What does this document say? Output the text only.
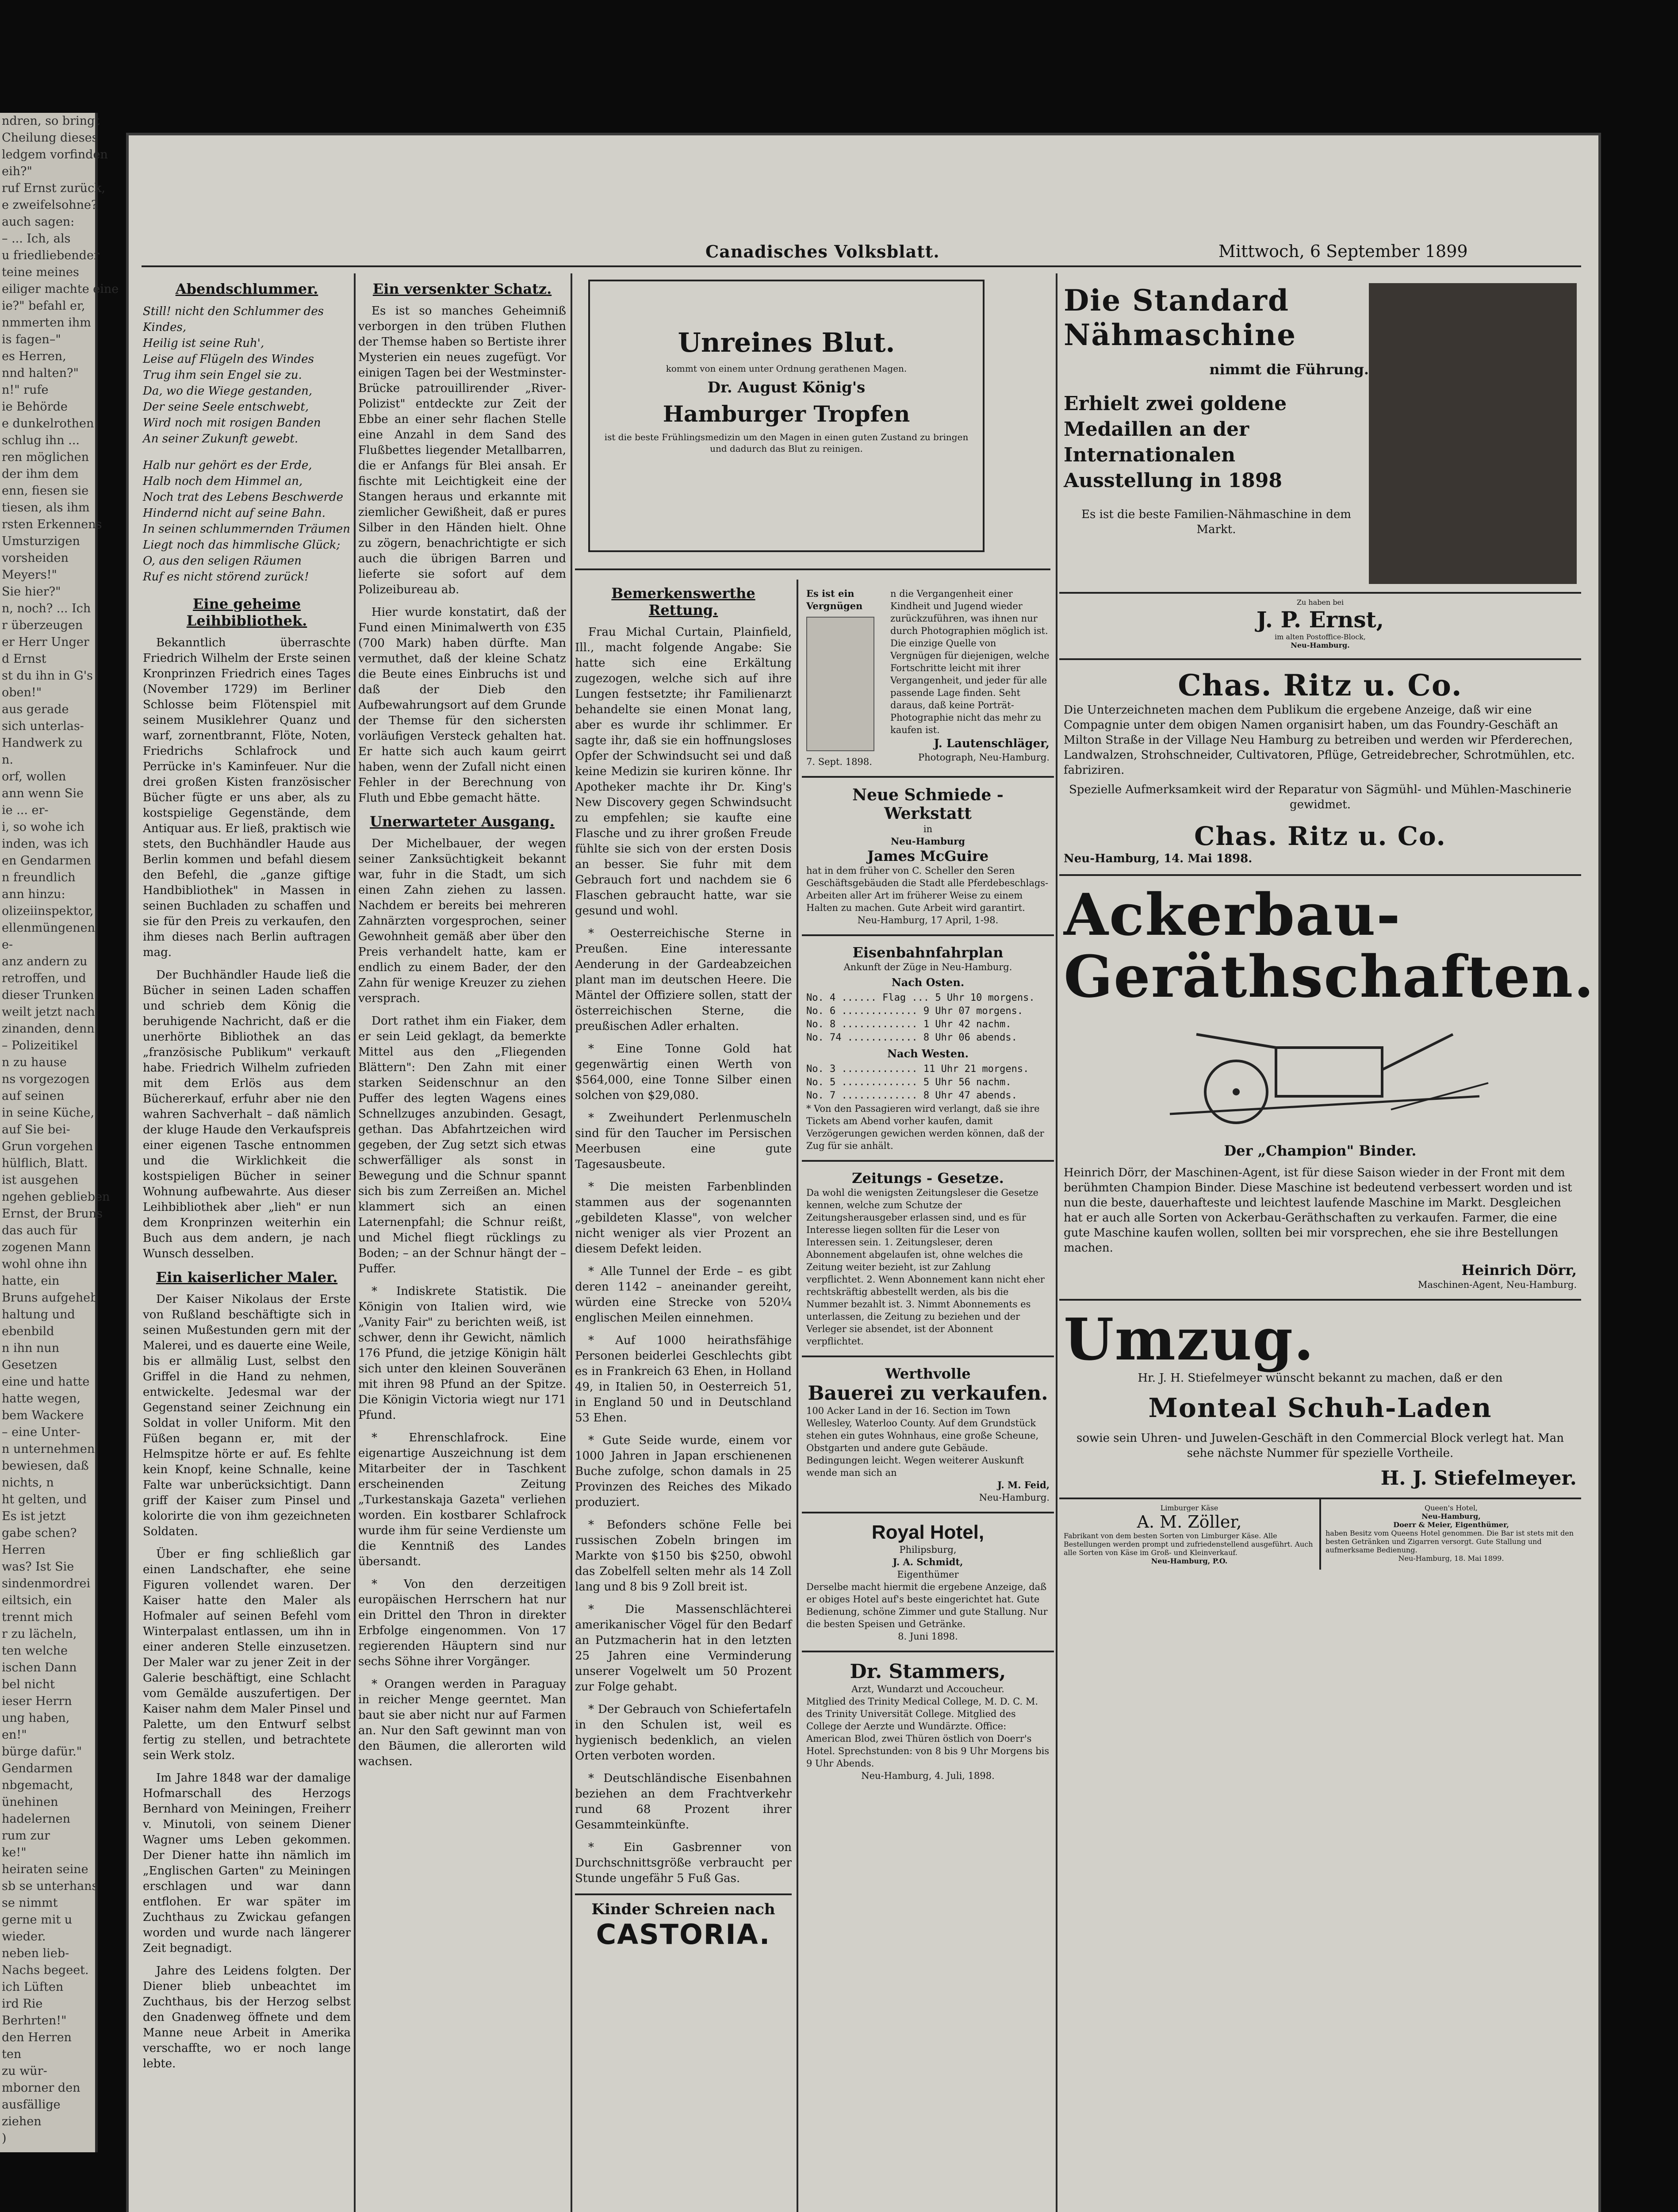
ndren, so bringt
Cheilung dieses
ledgem vorfinden
eih?"
ruf Ernst zurück,
e zweifelsohne?
auch sagen:
– ... Ich, als
u friedliebender
teine meines
eiliger machte eine
ie?" befahl er,
nmmerten ihm
is fagen–"
es Herren,
nnd halten?"
n!" rufe
ie Behörde
e dunkelrothen
schlug ihn ...
ren möglichen
der ihm dem
enn, fiesen sie
tiesen, als ihm
rsten Erkennens
Umsturzigen
vorsheiden
Meyers!"
Sie hier?"
n, noch? ... Ich
r überzeugen
er Herr Unger
d Ernst
st du ihn in G's
oben!"
aus gerade
sich unterlas-
Handwerk zu
n.
orf, wollen
ann wenn Sie
ie ... er-
i, so wohe ich
inden, was ich
en Gendarmen
n freundlich
ann hinzu:
olizeiinspektor,
ellenmüngenen
e-
anz andern zu
retroffen, und
dieser Trunken
weilt jetzt nach
zinanden, denn
– Polizeitikel
n zu hause
ns vorgezogen
auf seinen
in seine Küche,
auf Sie bei-
Grun vorgehen
hülflich, Blatt.
ist ausgehen
ngehen geblieben
Ernst, der Bruns
das auch für
zogenen Mann
wohl ohne ihn
hatte, ein
Bruns aufgeheb
haltung und
ebenbild
n ihn nun
Gesetzen
eine und hatte
hatte wegen,
bem Wackere
– eine Unter-
n unternehmen
bewiesen, daß
nichts, n
ht gelten, und
Es ist jetzt
gabe schen?
Herren
was? Ist Sie
sindenmordrei
eiltsich, ein
trennt mich
r zu lächeln,
ten welche
ischen Dann
bel nicht
ieser Herrn
ung haben,
en!"
bürge dafür."
Gendarmen
nbgemacht,
ünehinen
hadelernen
rum zur
ke!"
heiraten seine
sb se unterhans
se nimmt
gerne mit u
wieder.
neben lieb-
Nachs begeet.
ich Lüften
ird Rie
Berhrten!"
den Herren
ten
zu wür-
mborner den
ausfällige
ziehen
)
Canadisches Volksblatt.	Mittwoch, 6 September 1899
Abendschlummer.

Still! nicht den Schlummer des Kindes,

Heilig ist seine Ruh',

Leise auf Flügeln des Windes

Trug ihm sein Engel sie zu.

Da, wo die Wiege gestanden,

Der seine Seele entschwebt,

Wird noch mit rosigen Banden

An seiner Zukunft gewebt.

Halb nur gehört es der Erde,

Halb noch dem Himmel an,

Noch trat des Lebens Beschwerde

Hindernd nicht auf seine Bahn.

In seinen schlummernden Träumen

Liegt noch das himmlische Glück;

O, aus den seligen Räumen

Ruf es nicht störend zurück!

Eine geheime Leihbibliothek.

Bekanntlich überraschte Friedrich Wilhelm der Erste seinen Kronprinzen Friedrich eines Tages (November 1729) im Berliner Schlosse beim Flötenspiel mit seinem Musiklehrer Quanz und warf, zornentbrannt, Flöte, Noten, Friedrichs Schlafrock und Perrücke in's Kaminfeuer. Nur die drei großen Kisten französischer Bücher fügte er uns aber, als zu kostspielige Gegenstände, dem Antiquar aus. Er ließ, praktisch wie stets, den Buchhändler Haude aus Berlin kommen und befahl diesem den Befehl, die „ganze giftige Handbibliothek" in Massen in seinen Buchladen zu schaffen und sie für den Preis zu verkaufen, den ihm dieses nach Berlin auftragen mag.

Der Buchhändler Haude ließ die Bücher in seinen Laden schaffen und schrieb dem König die beruhigende Nachricht, daß er die unerhörte Bibliothek an das „französische Publikum" verkauft habe. Friedrich Wilhelm zufrieden mit dem Erlös aus dem Büchererkauf, erfuhr aber nie den wahren Sachverhalt – daß nämlich der kluge Haude den Verkaufspreis einer eigenen Tasche entnommen und die Wirklichkeit die kostspieligen Bücher in seiner Wohnung aufbewahrte. Aus dieser Leihbibliothek aber „lieh" er nun dem Kronprinzen weiterhin ein Buch aus dem andern, je nach Wunsch desselben.

Ein kaiserlicher Maler.

Der Kaiser Nikolaus der Erste von Rußland beschäftigte sich in seinen Mußestunden gern mit der Malerei, und es dauerte eine Weile, bis er allmälig Lust, selbst den Griffel in die Hand zu nehmen, entwickelte. Jedesmal war der Gegenstand seiner Zeichnung ein Soldat in voller Uniform. Mit den Füßen begann er, mit der Helmspitze hörte er auf. Es fehlte kein Knopf, keine Schnalle, keine Falte war unberücksichtigt. Dann griff der Kaiser zum Pinsel und kolorirte die von ihm gezeichneten Soldaten.

Über er fing schließlich gar einen Landschafter, ehe seine Figuren vollendet waren. Der Kaiser hatte den Maler als Hofmaler auf seinen Befehl vom Winterpalast entlassen, um ihn in einer anderen Stelle einzusetzen. Der Maler war zu jener Zeit in der Galerie beschäftigt, eine Schlacht vom Gemälde auszufertigen. Der Kaiser nahm dem Maler Pinsel und Palette, um den Entwurf selbst fertig zu stellen, und betrachtete sein Werk stolz.

Im Jahre 1848 war der damalige Hofmarschall des Herzogs Bernhard von Meiningen, Freiherr v. Minutoli, von seinem Diener Wagner ums Leben gekommen. Der Diener hatte ihn nämlich im „Englischen Garten" zu Meiningen erschlagen und war dann entflohen. Er war später im Zuchthaus zu Zwickau gefangen worden und wurde nach längerer Zeit begnadigt.

Jahre des Leidens folgten. Der Diener blieb unbeachtet im Zuchthaus, bis der Herzog selbst den Gnadenweg öffnete und dem Manne neue Arbeit in Amerika verschaffte, wo er noch lange lebte.

Ein versenkter Schatz.

Es ist so manches Geheimniß verborgen in den trüben Fluthen der Themse haben so Bertiste ihrer Mysterien ein neues zugefügt. Vor einigen Tagen bei der Westminster-Brücke patrouillirender „River-Polizist" entdeckte zur Zeit der Ebbe an einer sehr flachen Stelle eine Anzahl in dem Sand des Flußbettes liegender Metallbarren, die er Anfangs für Blei ansah. Er fischte mit Leichtigkeit eine der Stangen heraus und erkannte mit ziemlicher Gewißheit, daß er pures Silber in den Händen hielt. Ohne zu zögern, benachrichtigte er sich auch die übrigen Barren und lieferte sie sofort auf dem Polizeibureau ab.

Hier wurde konstatirt, daß der Fund einen Minimalwerth von £35 (700 Mark) haben dürfte. Man vermuthet, daß der kleine Schatz die Beute eines Einbruchs ist und daß der Dieb den Aufbewahrungsort auf dem Grunde der Themse für den sichersten vorläufigen Versteck gehalten hat. Er hatte sich auch kaum geirrt haben, wenn der Zufall nicht einen Fehler in der Berechnung von Fluth und Ebbe gemacht hätte.

Unerwarteter Ausgang.

Der Michelbauer, der wegen seiner Zanksüchtigkeit bekannt war, fuhr in die Stadt, um sich einen Zahn ziehen zu lassen. Nachdem er bereits bei mehreren Zahnärzten vorgesprochen, seiner Gewohnheit gemäß aber über den Preis verhandelt hatte, kam er endlich zu einem Bader, der den Zahn für wenige Kreuzer zu ziehen versprach.

Dort rathet ihm ein Fiaker, dem er sein Leid geklagt, da bemerkte Mittel aus den „Fliegenden Blättern": Den Zahn mit einer starken Seidenschnur an den Puffer des legten Wagens eines Schnellzuges anzubinden. Gesagt, gethan. Das Abfahrtzeichen wird gegeben, der Zug setzt sich etwas schwerfälliger als sonst in Bewegung und die Schnur spannt sich bis zum Zerreißen an. Michel klammert sich an einen Laternenpfahl; die Schnur reißt, und Michel fliegt rücklings zu Boden; – an der Schnur hängt der – Puffer.

* Indiskrete Statistik. Die Königin von Italien wird, wie „Vanity Fair" zu berichten weiß, ist schwer, denn ihr Gewicht, nämlich 176 Pfund, die jetzige Königin hält sich unter den kleinen Souveränen mit ihren 98 Pfund an der Spitze. Die Königin Victoria wiegt nur 171 Pfund.

* Ehrenschlafrock. Eine eigenartige Auszeichnung ist dem Mitarbeiter der in Taschkent erscheinenden Zeitung „Turkestanskaja Gazeta" verliehen worden. Ein kostbarer Schlafrock wurde ihm für seine Verdienste um die Kenntniß des Landes übersandt.

* Von den derzeitigen europäischen Herrschern hat nur ein Drittel den Thron in direkter Erbfolge eingenommen. Von 17 regierenden Häuptern sind nur sechs Söhne ihrer Vorgänger.

* Orangen werden in Paraguay in reicher Menge geerntet. Man baut sie aber nicht nur auf Farmen an. Nur den Saft gewinnt man von den Bäumen, die allerorten wild wachsen.

Unreines Blut.
kommt von einem unter Ordnung gerathenen Magen.
Dr. August König's
Hamburger Tropfen
ist die beste Frühlingsmedizin um den Magen in einen guten Zustand zu bringen und dadurch das Blut zu reinigen.
Bemerkenswerthe Rettung.

Frau Michal Curtain, Plainfield, Ill., macht folgende Angabe: Sie hatte sich eine Erkältung zugezogen, welche sich auf ihre Lungen festsetzte; ihr Familienarzt behandelte sie einen Monat lang, aber es wurde ihr schlimmer. Er sagte ihr, daß sie ein hoffnungsloses Opfer der Schwindsucht sei und daß keine Medizin sie kuriren könne. Ihr Apotheker machte ihr Dr. King's New Discovery gegen Schwindsucht zu empfehlen; sie kaufte eine Flasche und zu ihrer großen Freude fühlte sie sich von der ersten Dosis an besser. Sie fuhr mit dem Gebrauch fort und nachdem sie 6 Flaschen gebraucht hatte, war sie gesund und wohl.

* Oesterreichische Sterne in Preußen. Eine interessante Aenderung in der Gardeabzeichen plant man im deutschen Heere. Die Mäntel der Offiziere sollen, statt der österreichischen Sterne, die preußischen Adler erhalten.

* Eine Tonne Gold hat gegenwärtig einen Werth von $564,000, eine Tonne Silber einen solchen von $29,080.

* Zweihundert Perlenmuscheln sind für den Taucher im Persischen Meerbusen eine gute Tagesausbeute.

* Die meisten Farbenblinden stammen aus der sogenannten „gebildeten Klasse", von welcher nicht weniger als vier Prozent an diesem Defekt leiden.

* Alle Tunnel der Erde – es gibt deren 1142 – aneinander gereiht, würden eine Strecke von 520¼ englischen Meilen einnehmen.

* Auf 1000 heirathsfähige Personen beiderlei Geschlechts gibt es in Frankreich 63 Ehen, in Holland 49, in Italien 50, in Oesterreich 51, in England 50 und in Deutschland 53 Ehen.

* Gute Seide wurde, einem vor 1000 Jahren in Japan erschienenen Buche zufolge, schon damals in 25 Provinzen des Reiches des Mikado produziert.

* Befonders schöne Felle bei russischen Zobeln bringen im Markte von $150 bis $250, obwohl das Zobelfell selten mehr als 14 Zoll lang und 8 bis 9 Zoll breit ist.

* Die Massenschlächterei amerikanischer Vögel für den Bedarf an Putzmacherin hat in den letzten 25 Jahren eine Verminderung unserer Vogelwelt um 50 Prozent zur Folge gehabt.

* Der Gebrauch von Schiefertafeln in den Schulen ist, weil es hygienisch bedenklich, an vielen Orten verboten worden.

* Deutschländische Eisenbahnen beziehen an dem Frachtverkehr rund 68 Prozent ihrer Gesammteinkünfte.

* Ein Gasbrenner von Durchschnittsgröße verbraucht per Stunde ungefähr 5 Fuß Gas.

Kinder Schreien nach
CASTORIA.
Es ist ein Vergnügen
7. Sept. 1898.
n die Vergangenheit einer Kindheit und Jugend wieder zurückzuführen, was ihnen nur durch Photographien möglich ist. Die einzige Quelle von Vergnügen für diejenigen, welche Fortschritte leicht mit ihrer Vergangenheit, und jeder für alle passende Lage finden. Seht daraus, daß keine Porträt-Photographie nicht das mehr zu kaufen ist.
J. Lautenschläger,
Photograph, Neu-Hamburg.
Neue Schmiede - Werkstatt
in
Neu-Hamburg
James McGuire
hat in dem früher von C. Scheller den Seren Geschäftsgebäuden die Stadt alle Pferdebeschlags-Arbeiten aller Art im früherer Weise zu einem Halten zu machen. Gute Arbeit wird garantirt.
Neu-Hamburg, 17 April, 1-98.
Eisenbahnfahrplan
Ankunft der Züge in Neu-Hamburg.
Nach Osten.
No. 4 ...... Flag ... 5 Uhr 10 morgens.
No. 6 ............. 9 Uhr 07 morgens.
No. 8 ............. 1 Uhr 42 nachm.
No. 74 ............ 8 Uhr 06 abends.
Nach Westen.
No. 3 ............. 11 Uhr 21 morgens.
No. 5 ............. 5 Uhr 56 nachm.
No. 7 ............. 8 Uhr 47 abends.
* Von den Passagieren wird verlangt, daß sie ihre Tickets am Abend vorher kaufen, damit Verzögerungen gewichen werden können, daß der Zug für sie anhält.
Zeitungs - Gesetze.
Da wohl die wenigsten Zeitungsleser die Gesetze kennen, welche zum Schutze der Zeitungsherausgeber erlassen sind, und es für Interesse liegen sollten für die Leser von Interessen sein. 1. Zeitungsleser, deren Abonnement abgelaufen ist, ohne welches die Zeitung weiter bezieht, ist zur Zahlung verpflichtet. 2. Wenn Abonnement kann nicht eher rechtskräftig abbestellt werden, als bis die Nummer bezahlt ist. 3. Nimmt Abonnements es unterlassen, die Zeitung zu beziehen und der Verleger sie absendet, ist der Abonnent verpflichtet.
Werthvolle
Bauerei zu verkaufen.
100 Acker Land in der 16. Section im Town Wellesley, Waterloo County. Auf dem Grundstück stehen ein gutes Wohnhaus, eine große Scheune, Obstgarten und andere gute Gebäude. Bedingungen leicht. Wegen weiterer Auskunft wende man sich an
J. M. Feid,
Neu-Hamburg.
Royal Hotel,
Philipsburg,
J. A. Schmidt,
Eigenthümer
Derselbe macht hiermit die ergebene Anzeige, daß er obiges Hotel auf's beste eingerichtet hat. Gute Bedienung, schöne Zimmer und gute Stallung. Nur die besten Speisen und Getränke.
8. Juni 1898.
Dr. Stammers,
Arzt, Wundarzt und Accoucheur.
Mitglied des Trinity Medical College, M. D. C. M. des Trinity Universität College. Mitglied des College der Aerzte und Wundärzte. Office: American Blod, zwei Thüren östlich von Doerr's Hotel. Sprechstunden: von 8 bis 9 Uhr Morgens bis 9 Uhr Abends.
Neu-Hamburg, 4. Juli, 1898.
Die Standard
Nähmaschine
nimmt die Führung.
Erhielt zwei goldene Medaillen an der Internationalen Ausstellung in 1898
Es ist die beste Familien-Nähmaschine in dem Markt.
Zu haben bei
J. P. Ernst,
im alten Postoffice-Block,
Neu-Hamburg.
Chas. Ritz u. Co.
Die Unterzeichneten machen dem Publikum die ergebene Anzeige, daß wir eine Compagnie unter dem obigen Namen organisirt haben, um das Foundry-Geschäft an Milton Straße in der Village Neu Hamburg zu betreiben und werden wir Pferderechen, Landwalzen, Strohschneider, Cultivatoren, Pflüge, Getreidebrecher, Schrotmühlen, etc. fabriziren.
Spezielle Aufmerksamkeit wird der Reparatur von Sägmühl- und Mühlen-Maschinerie gewidmet.
Chas. Ritz u. Co.
Neu-Hamburg, 14. Mai 1898.
Ackerbau-
Geräthschaften.
Der „Champion" Binder.
Heinrich Dörr, der Maschinen-Agent, ist für diese Saison wieder in der Front mit dem berühmten Champion Binder. Diese Maschine ist bedeutend verbessert worden und ist nun die beste, dauerhafteste und leichtest laufende Maschine im Markt. Desgleichen hat er auch alle Sorten von Ackerbau-Geräthschaften zu verkaufen. Farmer, die eine gute Maschine kaufen wollen, sollten bei mir vorsprechen, ehe sie ihre Bestellungen machen.
Heinrich Dörr,
Maschinen-Agent, Neu-Hamburg.
Umzug.
Hr. J. H. Stiefelmeyer wünscht bekannt zu machen, daß er den
Monteal Schuh-Laden
sowie sein Uhren- und Juwelen-Geschäft in den Commercial Block verlegt hat. Man sehe nächste Nummer für spezielle Vortheile.
H. J. Stiefelmeyer.
Limburger Käse
A. M. Zöller,
Fabrikant von dem besten Sorten von Limburger Käse. Alle Bestellungen werden prompt und zufriedenstellend ausgeführt. Auch alle Sorten von Käse im Groß- und Kleinverkauf.
Neu-Hamburg, P.O.
Queen's Hotel,
Neu-Hamburg,
Doerr & Meier, Eigenthümer,
haben Besitz vom Queens Hotel genommen. Die Bar ist stets mit den besten Getränken und Zigarren versorgt. Gute Stallung und aufmerksame Bedienung.
Neu-Hamburg, 18. Mai 1899.
